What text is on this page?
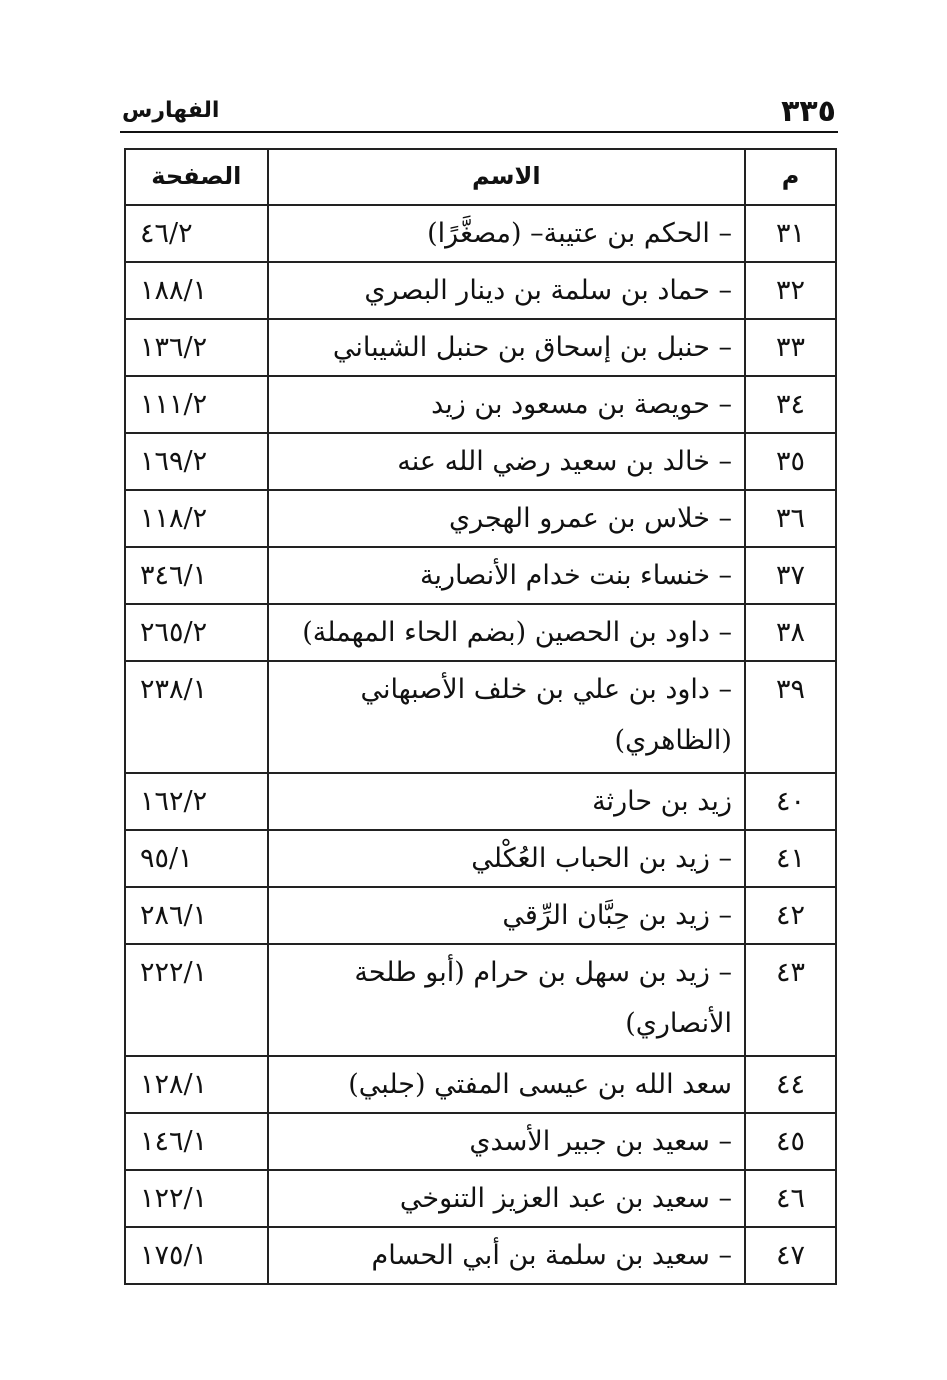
الفهارس	٣٣٥
م	الاسم	الصفحة
٣١	– الحكم بن عتيبة– (مصغَّرًا)	٤٦/٢
٣٢	– حماد بن سلمة بن دينار البصري	١٨٨/١
٣٣	– حنبل بن إسحاق بن حنبل الشيباني	١٣٦/٢
٣٤	– حويصة بن مسعود بن زيد	١١١/٢
٣٥	– خالد بن سعيد رضي الله عنه	١٦٩/٢
٣٦	– خلاس بن عمرو الهجري	١١٨/٢
٣٧	– خنساء بنت خدام الأنصارية	٣٤٦/١
٣٨	– داود بن الحصين (بضم الحاء المهملة)	٢٦٥/٢
٣٩	– داود بن علي بن خلف الأصبهاني (الظاهري)	٢٣٨/١
٤٠	زيد بن حارثة	١٦٢/٢
٤١	– زيد بن الحباب العُكْلي	٩٥/١
٤٢	– زيد بن حِبَّان الرِّقي	٢٨٦/١
٤٣	– زيد بن سهل بن حرام (أبو طلحة الأنصاري)	٢٢٢/١
٤٤	سعد الله بن عيسى المفتي (جلبي)	١٢٨/١
٤٥	– سعيد بن جبير الأسدي	١٤٦/١
٤٦	– سعيد بن عبد العزيز التنوخي	١٢٢/١
٤٧	– سعيد بن سلمة بن أبي الحسام	١٧٥/١
